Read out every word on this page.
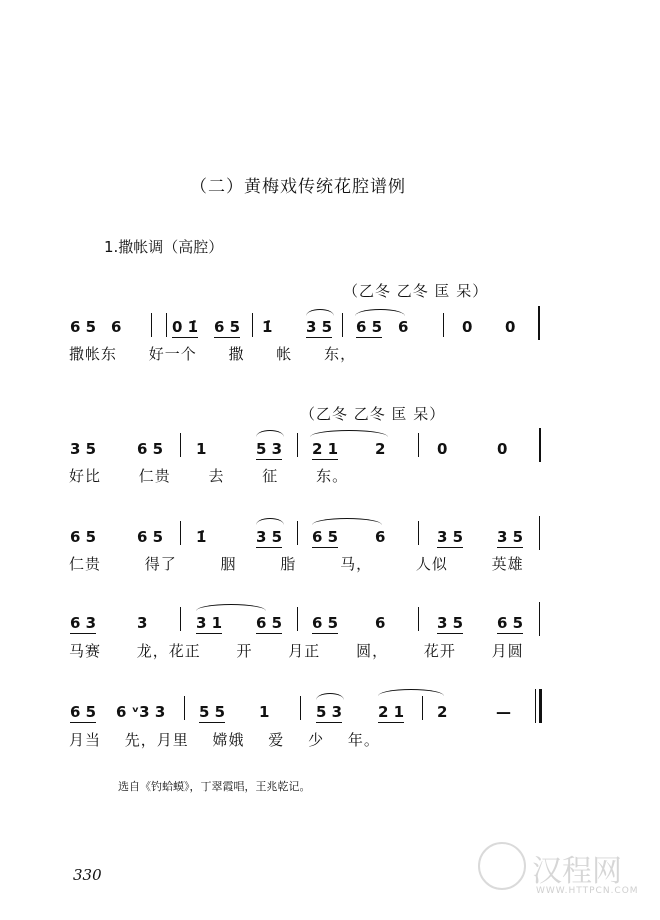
（二）黄梅戏传统花腔谱例
1.撒帐调（高腔）
（乙冬 乙冬 匡 呆）
6 5 6	0 1̇ 6 5 1̇ 3 5 6 5 6	0 0
撒帐东 好一个 撒 帐 东，
（乙冬 乙冬 匡 呆）
3 5	6 5 1	5 3 2 1 2	0	0
好比 仁贵 去 征 东。
6 5	6 5 1̇	3 5 6 5 6	3 5 3 5
仁贵 得了 胭 脂 马， 人似 英雄
6 3	3	3 1 6 5 6 5 6	3 5 6 5
马赛 龙，花正 开 月正 圆， 花开 月圆
6 5 6 ᵛ3 3 5 5 1	5 3 2 1 2	—
月当 先，月里 嫦娥 爱 少 年。
选自《钓蛤蟆》，丁翠霞唱，王兆乾记。
330	汉程网
WWW.HTTPCN.COM
